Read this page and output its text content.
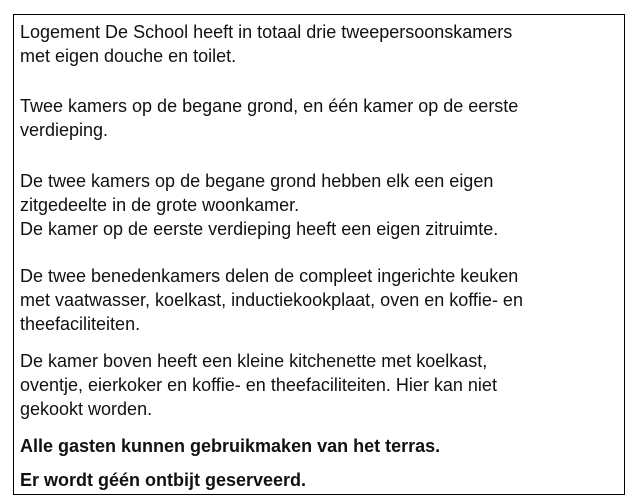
Logement De School heeft in totaal drie tweepersoonskamers

met eigen douche en toilet.

Twee kamers op de begane grond, en één kamer op de eerste

verdieping.

De twee kamers op de begane grond hebben elk een eigen

zitgedeelte in de grote woonkamer.

De kamer op de eerste verdieping heeft een eigen zitruimte.

De twee benedenkamers delen de compleet ingerichte keuken

met vaatwasser, koelkast, inductiekookplaat, oven en koffie- en

theefaciliteiten.

De kamer boven heeft een kleine kitchenette met koelkast,

oventje, eierkoker en koffie- en theefaciliteiten. Hier kan niet

gekookt worden.

Alle gasten kunnen gebruikmaken van het terras.

Er wordt géén ontbijt geserveerd.
